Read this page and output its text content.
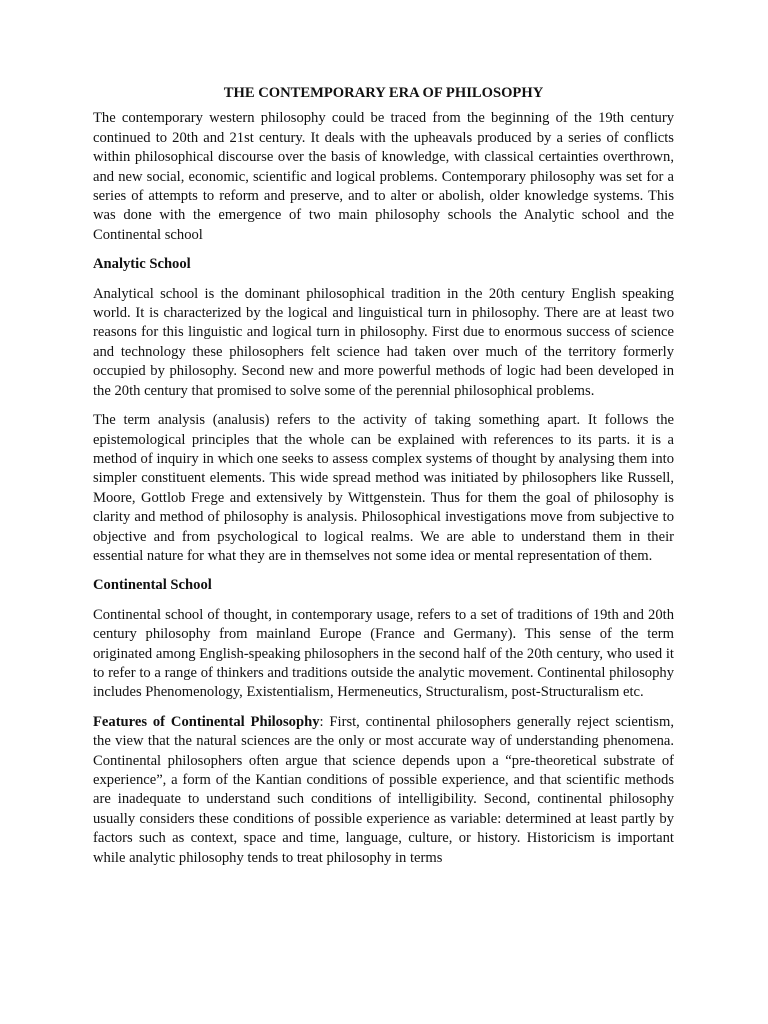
THE CONTEMPORARY ERA OF PHILOSOPHY

The contemporary western philosophy could be traced from the beginning of the 19th century continued to 20th and 21st century. It deals with the upheavals produced by a series of conflicts within philosophical discourse over the basis of knowledge, with classical certainties overthrown, and new social, economic, scientific and logical problems. Contemporary philosophy was set for a series of attempts to reform and preserve, and to alter or abolish, older knowledge systems. This was done with the emergence of two main philosophy schools the Analytic school and the Continental school

Analytic School

Analytical school is the dominant philosophical tradition in the 20th century English speaking world. It is characterized by the logical and linguistical turn in philosophy. There are at least two reasons for this linguistic and logical turn in philosophy. First due to enormous success of science and technology these philosophers felt science had taken over much of the territory formerly occupied by philosophy. Second new and more powerful methods of logic had been developed in the 20th century that promised to solve some of the perennial philosophical problems.

The term analysis (analusis) refers to the activity of taking something apart. It follows the epistemological principles that the whole can be explained with references to its parts. it is a method of inquiry in which one seeks to assess complex systems of thought by analysing them into simpler constituent elements. This wide spread method was initiated by philosophers like Russell, Moore, Gottlob Frege and extensively by Wittgenstein. Thus for them the goal of philosophy is clarity and method of philosophy is analysis. Philosophical investigations move from subjective to objective and from psychological to logical realms. We are able to understand them in their essential nature for what they are in themselves not some idea or mental representation of them.

Continental School

Continental school of thought, in contemporary usage, refers to a set of traditions of 19th and 20th century philosophy from mainland Europe (France and Germany). This sense of the term originated among English-speaking philosophers in the second half of the 20th century, who used it to refer to a range of thinkers and traditions outside the analytic movement. Continental philosophy includes Phenomenology, Existentialism, Hermeneutics, Structuralism, post-Structuralism etc.

Features of Continental Philosophy: First, continental philosophers generally reject scientism, the view that the natural sciences are the only or most accurate way of understanding phenomena. Continental philosophers often argue that science depends upon a “pre-theoretical substrate of experience”, a form of the Kantian conditions of possible experience, and that scientific methods are inadequate to understand such conditions of intelligibility. Second, continental philosophy usually considers these conditions of possible experience as variable: determined at least partly by factors such as context, space and time, language, culture, or history. Historicism is important while analytic philosophy tends to treat philosophy in terms
